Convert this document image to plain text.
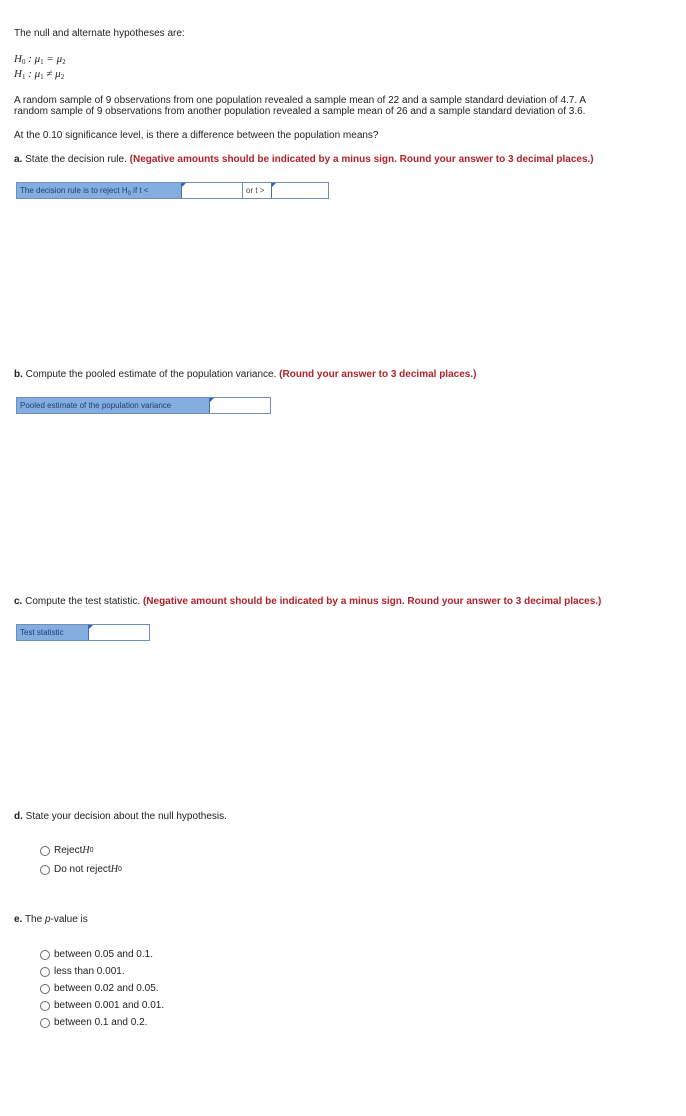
The null and alternate hypotheses are:
$H_0$ : $\mu_1 = \mu_2$
$H_1$ : $\mu_1 \ne \mu_2$
A random sample of 9 observations from one population revealed a sample mean of 22 and a sample standard deviation of 4.7. A
random sample of 9 observations from another population revealed a sample mean of 26 and a sample standard deviation of 3.6.
At the 0.10 significance level, is there a difference between the population means?
a. State the decision rule. (Negative amounts should be indicated by a minus sign. Round your answer to 3 decimal places.)
The decision rule is to reject $H_0$ if t <	or t >
b. Compute the pooled estimate of the population variance. (Round your answer to 3 decimal places.)
Pooled estimate of the population variance
c. Compute the test statistic. (Negative amount should be indicated by a minus sign. Round your answer to 3 decimal places.)
Test statistic
d. State your decision about the null hypothesis.
Reject H 0
Do not reject H 0
e. The p-value is
between 0.05 and 0.1.
less than 0.001.
between 0.02 and 0.05.
between 0.001 and 0.01.
between 0.1 and 0.2.
